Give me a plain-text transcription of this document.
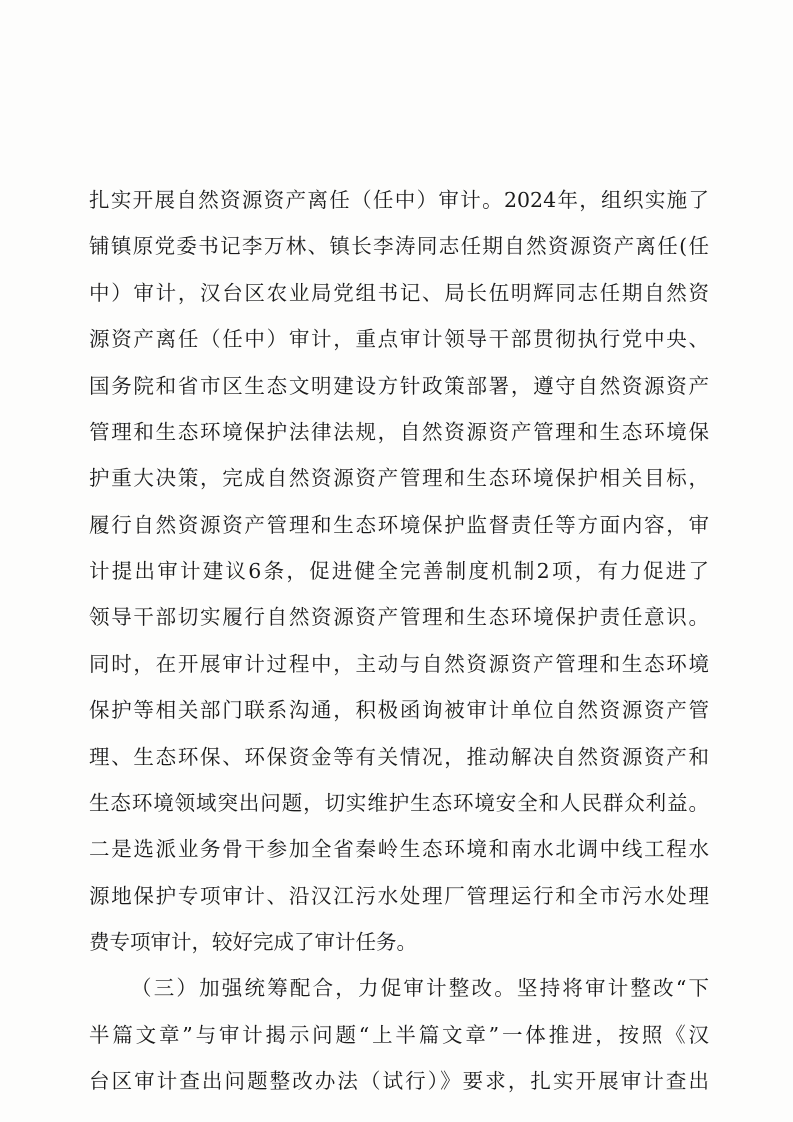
扎实开展自然资源资产离任（任中）审计。2024年，组织实施了
铺镇原党委书记李万林、镇长李涛同志任期自然资源资产离任(任
中）审计，汉台区农业局党组书记、局长伍明辉同志任期自然资
源资产离任（任中）审计，重点审计领导干部贯彻执行党中央、
国务院和省市区生态文明建设方针政策部署，遵守自然资源资产
管理和生态环境保护法律法规，自然资源资产管理和生态环境保
护重大决策，完成自然资源资产管理和生态环境保护相关目标，
履行自然资源资产管理和生态环境保护监督责任等方面内容，审
计提出审计建议6条，促进健全完善制度机制2项，有力促进了
领导干部切实履行自然资源资产管理和生态环境保护责任意识。
同时，在开展审计过程中，主动与自然资源资产管理和生态环境
保护等相关部门联系沟通，积极函询被审计单位自然资源资产管
理、生态环保、环保资金等有关情况，推动解决自然资源资产和
生态环境领域突出问题，切实维护生态环境安全和人民群众利益。
二是选派业务骨干参加全省秦岭生态环境和南水北调中线工程水
源地保护专项审计、沿汉江污水处理厂管理运行和全市污水处理
费专项审计，较好完成了审计任务。
（三）加强统筹配合，力促审计整改。坚持将审计整改“下
半篇文章”与审计揭示问题“上半篇文章”一体推进，按照《汉
台区审计查出问题整改办法（试行）》要求，扎实开展审计查出
